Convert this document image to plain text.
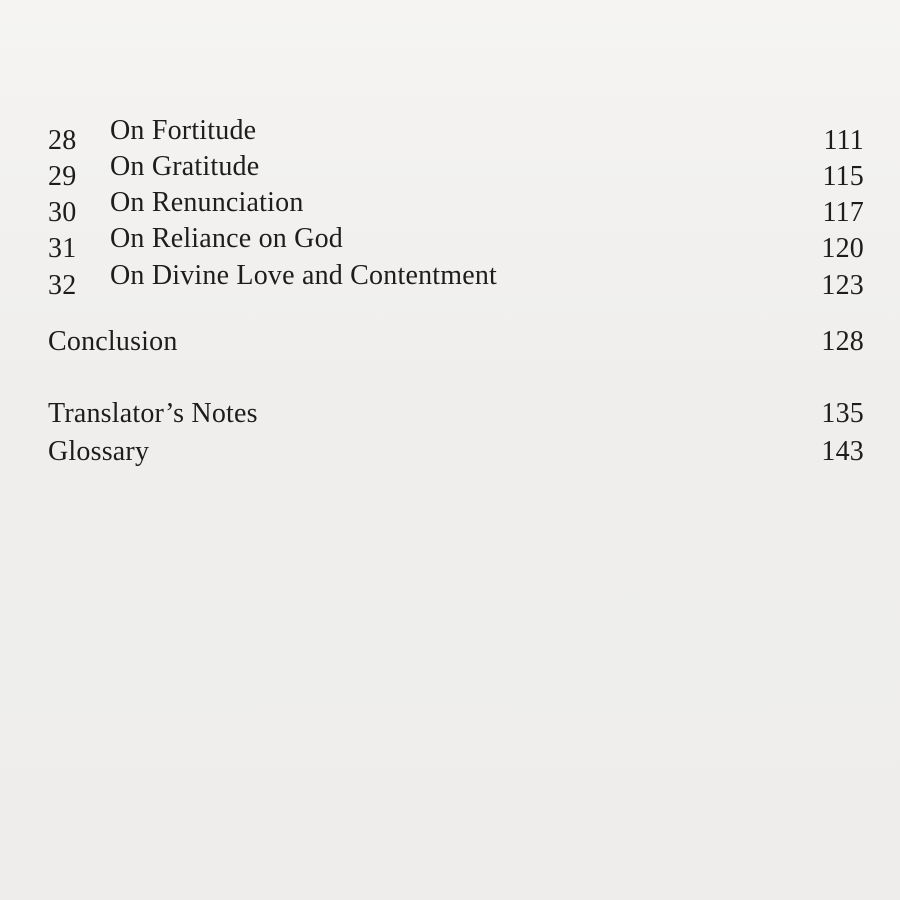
28	On Fortitude	111
29	On Gratitude	115
30	On Renunciation	117
31	On Reliance on God	120
32	On Divine Love and Contentment	123
Conclusion	128
Translator’s Notes	135
Glossary	143
